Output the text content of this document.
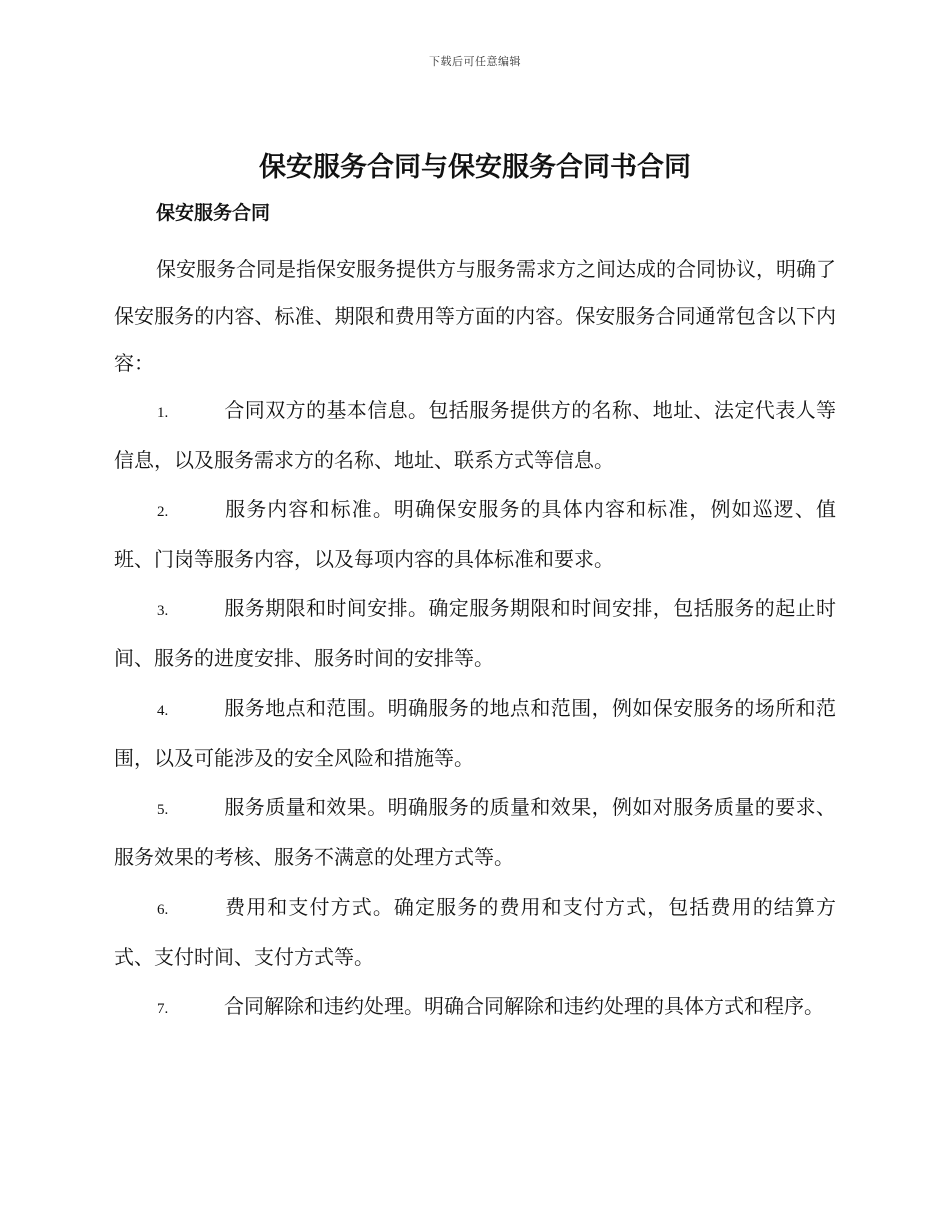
下载后可任意编辑
保安服务合同与保安服务合同书合同
保安服务合同

保安服务合同是指保安服务提供方与服务需求方之间达成的合同协议，明确了保安服务的内容、标准、期限和费用等方面的内容。保安服务合同通常包含以下内容：

1.	合同双方的基本信息。包括服务提供方的名称、地址、法定代表人等信息，以及服务需求方的名称、地址、联系方式等信息。
2.	服务内容和标准。明确保安服务的具体内容和标准，例如巡逻、值班、门岗等服务内容，以及每项内容的具体标准和要求。
3.	服务期限和时间安排。确定服务期限和时间安排，包括服务的起止时间、服务的进度安排、服务时间的安排等。
4.	服务地点和范围。明确服务的地点和范围，例如保安服务的场所和范围，以及可能涉及的安全风险和措施等。
5.	服务质量和效果。明确服务的质量和效果，例如对服务质量的要求、服务效果的考核、服务不满意的处理方式等。
6.	费用和支付方式。确定服务的费用和支付方式，包括费用的结算方式、支付时间、支付方式等。
7.	合同解除和违约处理。明确合同解除和违约处理的具体方式和程序。
